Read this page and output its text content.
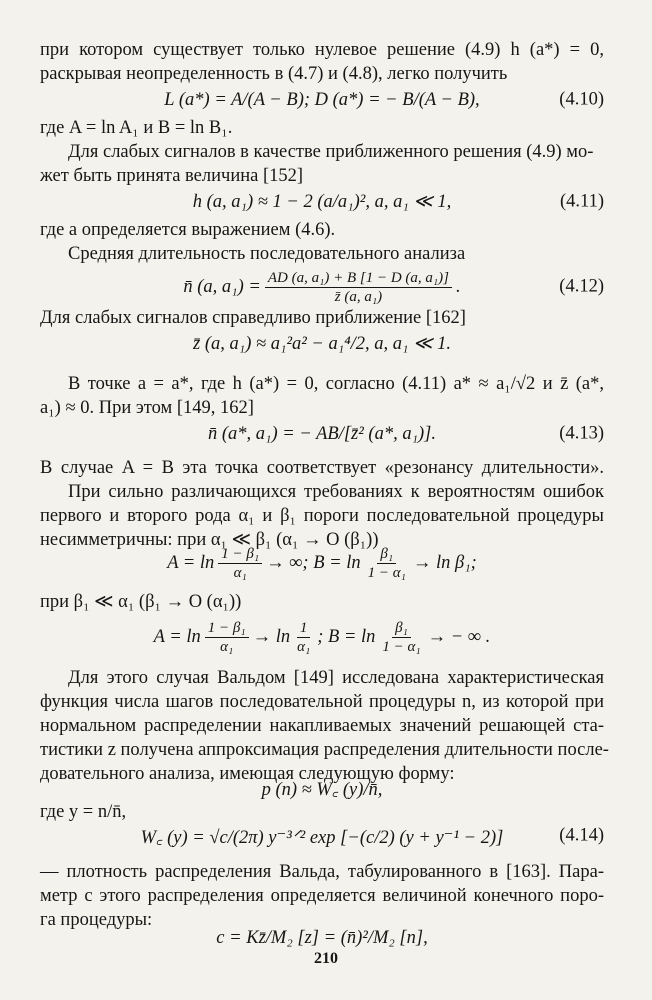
при котором существует только нулевое решение (4.9) h (a*) = 0,
раскрывая неопределенность в (4.7) и (4.8), легко получить
L (a*) = A/(A − B); D (a*) = − B/(A − B),	(4.10)
где A = ln A₁ и B = ln B₁.
Для слабых сигналов в качестве приближенного решения (4.9) мо-
жет быть принята величина [152]
h (a, a₁) ≈ 1 − 2 (a/a₁)², a, a₁ ≪ 1,	(4.11)
где a определяется выражением (4.6).
Средняя длительность последовательного анализа
n̄ (a, $a_1) = \frac{\text{AD (a, a₁) + B [1 − D (a, a₁)]}}{\text{z̄ (a, a₁)}}$ .	(4.12)
Для слабых сигналов справедливо приближение [162]
z̄ (a, a₁) ≈ a₁²a² − a₁⁴/2, a, a₁ ≪ 1.
В точке a = a*, где h (a*) = 0, согласно (4.11) a* ≈ a₁/√2 и z̄ (a*,
a₁) ≈ 0. При этом [149, 162]
n̄ (a*, a₁) = − AB/[z̄² (a*, a₁)].	(4.13)
В случае A = B эта точка соответствует «резонансу длительности».
При сильно различающихся требованиях к вероятностям ошибок
первого и второго рода α₁ и β₁ пороги последовательной процедуры
несимметричны: при α₁ ≪ β₁ (α₁ → O (β₁))
$A = \ln \frac{\text{1 − β₁}}{\text{α₁}}$ → ∞; $B = \ln \frac{\text{β₁}}{\text{1 − α₁}} \to \ln \beta_1$;
при β₁ ≪ α₁ (β₁ → O (α₁))
$A = \ln \frac{\text{1 − β₁}}{\text{α₁}} \to \ln \frac{1}{\text{α₁}}$ ; $B = \ln \frac{\text{β₁}}{\text{1 − α₁}}$ → − ∞ .
Для этого случая Вальдом [149] исследована характеристическая
функция числа шагов последовательной процедуры n, из которой при
нормальном распределении накапливаемых значений решающей ста-
тистики z получена аппроксимация распределения длительности после-
довательного анализа, имеющая следующую форму:
p (n) ≈ W꜀ (y)/n̄,
где y = n/n̄,
W꜀ (y) = √c/(2π) y⁻³ᐟ² exp [−(c/2) (y + y⁻¹ − 2)]	(4.14)
— плотность распределения Вальда, табулированного в [163]. Пара-
метр c этого распределения определяется величиной конечного поро-
га процедуры:
c = Kz̄/M₂ [z] = (n̄)²/M₂ [n],
210
